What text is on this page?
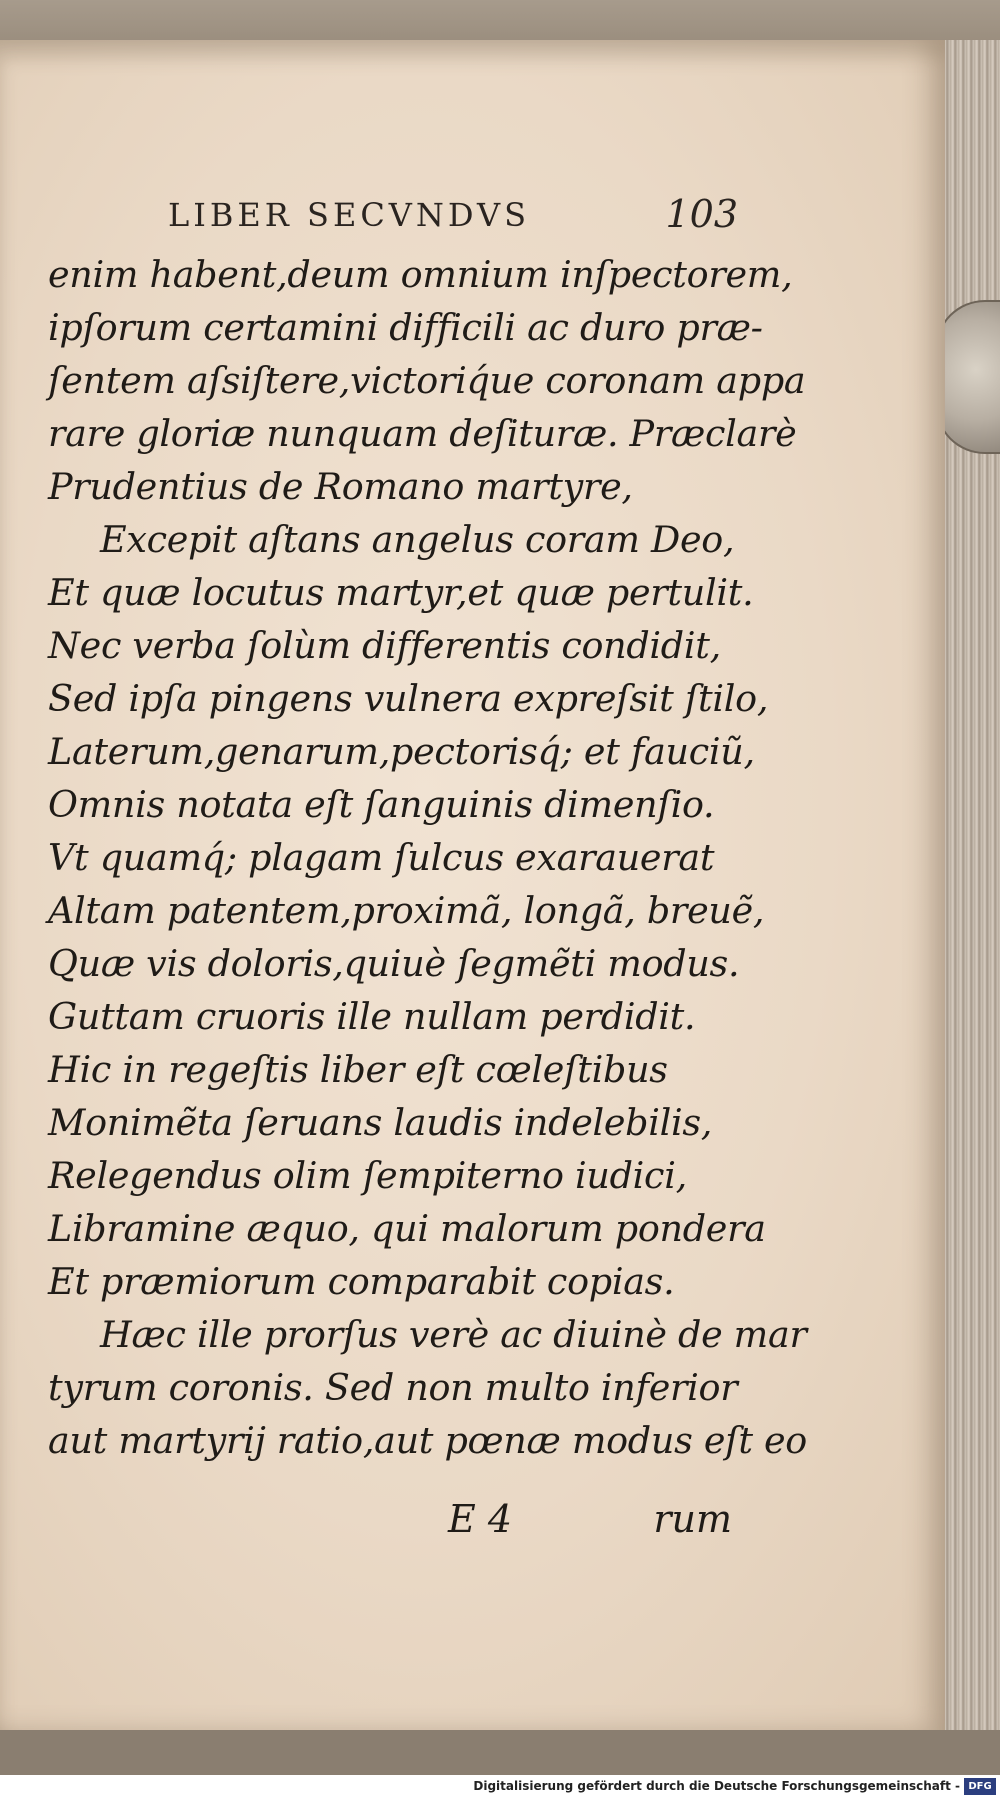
LIBER SECVNDVS	103
enim habent,deum omnium inſpectorem,
ipſorum certamini difficili ac duro præ-
ſentem aſsiſtere,victoriq́ue coronam appa
rare gloriæ nunquam deſituræ. Præclarè
Prudentius de Romano martyre,
Excepit aſtans angelus coram Deo,
Et quæ locutus martyr,et quæ pertulit.
Nec verba ſolùm differentis condidit,
Sed ipſa pingens vulnera expreſsit ſtilo,
Laterum,genarum,pectorisq́; et fauciũ,
Omnis notata eſt ſanguinis dimenſio.
Vt quamq́; plagam ſulcus exarauerat
Altam patentem,proximã, longã, breuẽ,
Quæ vis doloris,quiuè ſegmẽti modus.
Guttam cruoris ille nullam perdidit.
Hic in regeſtis liber eſt cœleſtibus
Monimẽta ſeruans laudis indelebilis,
Relegendus olim ſempiterno iudici,
Libramine æquo, qui malorum pondera
Et præmiorum comparabit copias.
Hæc ille prorſus verè ac diuinè de mar
tyrum coronis. Sed non multo inferior
aut martyrij ratio,aut pœnæ modus eſt eo
E 4	rum
Digitalisierung gefördert durch die Deutsche Forschungsgemeinschaft - DFG
